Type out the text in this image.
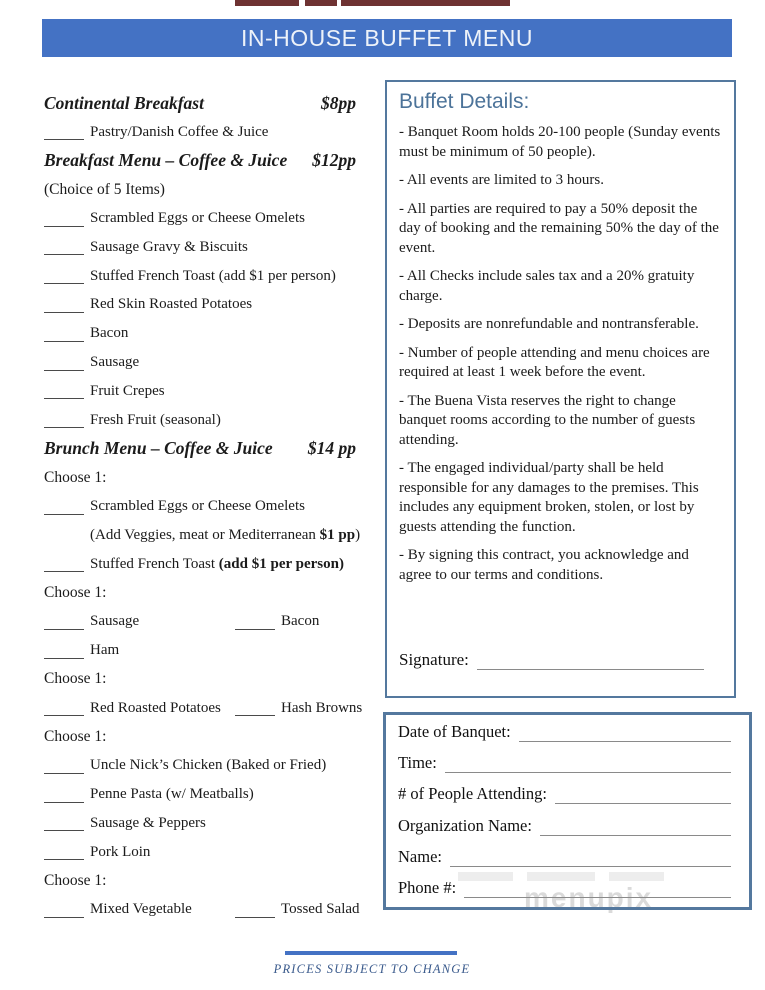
IN-HOUSE BUFFET MENU
Continental Breakfast	$8pp
Pastry/Danish Coffee & Juice
Breakfast Menu – Coffee & Juice $12pp
(Choice of 5 Items)
Scrambled Eggs or Cheese Omelets
Sausage Gravy & Biscuits
Stuffed French Toast (add $1 per person)
Red Skin Roasted Potatoes
Bacon
Sausage
Fruit Crepes
Fresh Fruit (seasonal)
Brunch Menu – Coffee & Juice $14 pp
Choose 1:
Scrambled Eggs or Cheese Omelets
(Add Veggies, meat or Mediterranean $1 pp)
Stuffed French Toast (add $1 per person)
Choose 1:
Sausage	Bacon
Ham
Choose 1:
Red Roasted Potatoes	Hash Browns
Choose 1:
Uncle Nick’s Chicken (Baked or Fried)
Penne Pasta (w/ Meatballs)
Sausage & Peppers
Pork Loin
Choose 1:
Mixed Vegetable	Tossed Salad
Buffet Details:

- Banquet Room holds 20-100 people (Sunday events must be minimum of 50 people).

- All events are limited to 3 hours.

- All parties are required to pay a 50% deposit the day of booking and the remaining 50% the day of the event.

- All Checks include sales tax and a 20% gratuity charge.

- Deposits are nonrefundable and nontransferable.

- Number of people attending and menu choices are required at least 1 week before the event.

- The Buena Vista reserves the right to change banquet rooms according to the number of guests attending.

- The engaged individual/party shall be held responsible for any damages to the premises. This includes any equipment broken, stolen, or lost by guests attending the function.

- By signing this contract, you acknowledge and agree to our terms and conditions.

Signature:
menupix
Date of Banquet:
Time:
# of People Attending:
Organization Name:
Name:
Phone #:
PRICES SUBJECT TO CHANGE
